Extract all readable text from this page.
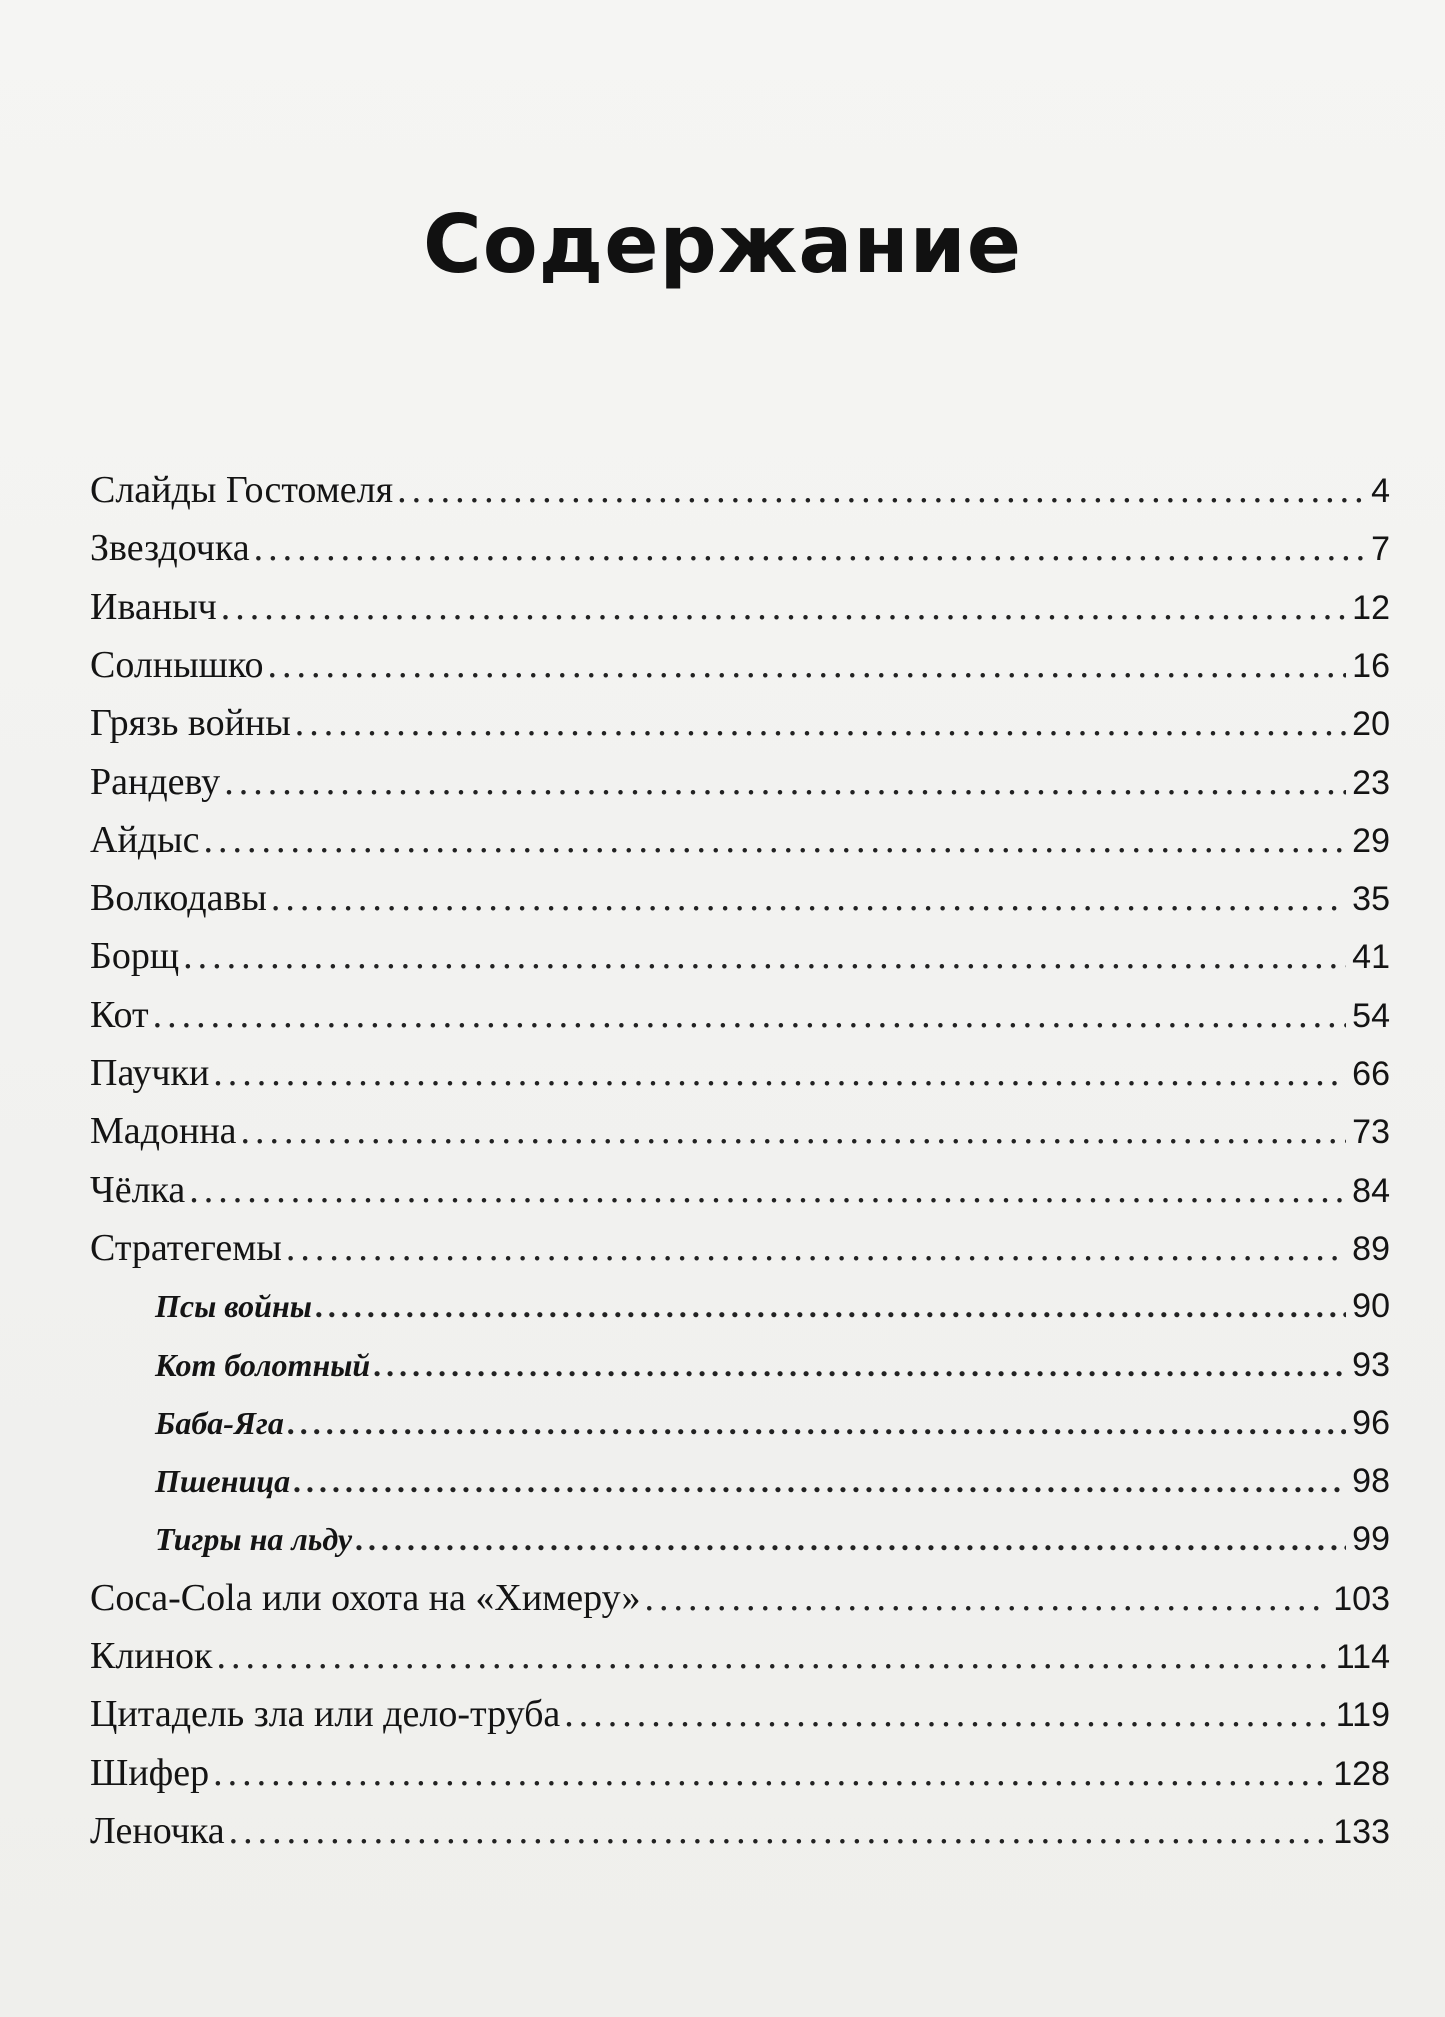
Содержание
Слайды Гостомеля .....	4
Звездочка .....	7
Иваныч .....	12
Солнышко .....	16
Грязь войны .....	20
Рандеву .....	23
Айдыс .....	29
Волкодавы .....	35
Борщ .....	41
Кот .....	54
Паучки .....	66
Мадонна .....	73
Чёлка .....	84
Стратегемы .....	89
Псы войны .....	90
Кот болотный .....	93
Баба-Яга .....	96
Пшеница .....	98
Тигры на льду .....	99
Coca-Cola или охота на «Химеру» .....	103
Клинок .....	114
Цитадель зла или дело-труба .....	119
Шифер .....	128
Леночка .....	133
